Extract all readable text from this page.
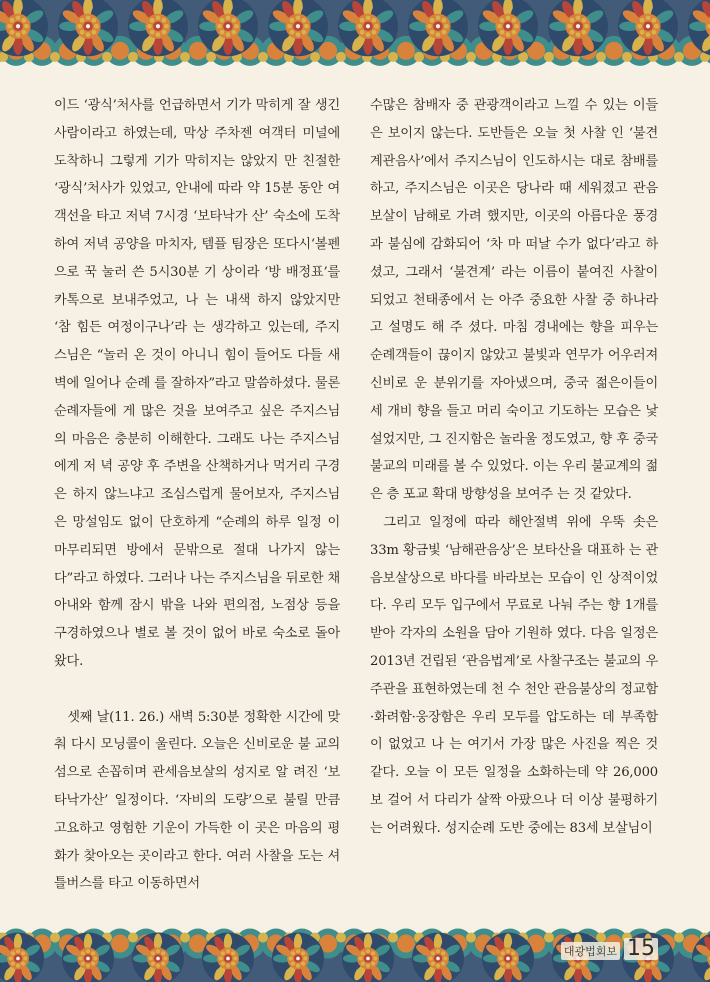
이드 ‘광식’처사를 언급하면서 기가 막히게 잘 생긴 사람이라고 하였는데, 막상 주차젠 여객터 미널에 도착하니 그렇게 기가 막히지는 않았지 만 친절한 ‘광식’처사가 있었고, 안내에 따라 약 15분 동안 여객선을 타고 저녁 7시경 ‘보타낙가 산’ 숙소에 도착하여 저녁 공양을 마치자, 템플 팀장은 또다시‘볼펜으로 꾹 눌러 쓴 5시30분 기 상이라 ‘방 배정표’를 카톡으로 보내주었고, 나 는 내색 하지 않았지만 ‘참 힘든 여정이구나’라 는 생각하고 있는데, 주지스님은 “놀러 온 것이 아니니 힘이 들어도 다들 새벽에 일어나 순례 를 잘하자”라고 말씀하셨다. 물론 순례자들에 게 많은 것을 보여주고 싶은 주지스님의 마음은 충분히 이해한다. 그래도 나는 주지스님에게 저 녁 공양 후 주변을 산책하거나 먹거리 구경은 하지 않느냐고 조심스럽게 물어보자, 주지스님 은 망설임도 없이 단호하게 “순례의 하루 일정 이 마무리되면 방에서 문밖으로 절대 나가지 않는다”라고 하였다. 그러나 나는 주지스님을 뒤로한 채 아내와 함께 잠시 밖을 나와 편의점, 노점상 등을 구경하였으나 별로 볼 것이 없어 바로 숙소로 돌아왔다.

셋째 날(11. 26.) 새벽 5:30분 정확한 시간에 맞춰 다시 모닝콜이 울린다. 오늘은 신비로운 불 교의 섬으로 손꼽히며 관세음보살의 성지로 알 려진 ‘보타낙가산’ 일정이다. ‘자비의 도량’으로 불릴 만큼 고요하고 영험한 기운이 가득한 이 곳은 마음의 평화가 찾아오는 곳이라고 한다. 여러 사찰을 도는 셔틀버스를 타고 이동하면서

수많은 참배자 중 관광객이라고 느낄 수 있는 이들은 보이지 않는다. 도반들은 오늘 첫 사찰 인 ‘불견계관음사’에서 주지스님이 인도하시는 대로 참배를 하고, 주지스님은 이곳은 당나라 때 세워졌고 관음보살이 남해로 가려 했지만, 이곳의 아름다운 풍경과 불심에 감화되어 ‘차 마 떠날 수가 없다’라고 하셨고, 그래서 ‘불견계’ 라는 이름이 붙여진 사찰이 되었고 천태종에서 는 아주 중요한 사찰 중 하나라고 설명도 해 주 셨다. 마침 경내에는 향을 피우는 순례객들이 끊이지 않았고 불빛과 연무가 어우러져 신비로 운 분위기를 자아냈으며, 중국 젊은이들이 세 개비 향을 들고 머리 숙이고 기도하는 모습은 낯설었지만, 그 진지함은 놀라울 정도였고, 향 후 중국불교의 미래를 볼 수 있었다. 이는 우리 불교계의 젊은 층 포교 확대 방향성을 보여주 는 것 같았다.

그리고 일정에 따라 해안절벽 위에 우뚝 솟은 33m 황금빛 ‘남해관음상’은 보타산을 대표하 는 관음보살상으로 바다를 바라보는 모습이 인 상적이었다. 우리 모두 입구에서 무료로 나눠 주는 향 1개를 받아 각자의 소원을 담아 기원하 였다. 다음 일정은 2013년 건립된 ‘관음법계’로 사찰구조는 불교의 우주관을 표현하였는데 천 수 천안 관음불상의 정교함·화려함·웅장함은 우리 모두를 압도하는 데 부족함이 없었고 나 는 여기서 가장 많은 사진을 찍은 것 같다. 오늘 이 모든 일정을 소화하는데 약 26,000보 걸어 서 다리가 살짝 아팠으나 더 이상 불평하기는 어려웠다. 성지순례 도반 중에는 83세 보살님이

대광법회보 15
